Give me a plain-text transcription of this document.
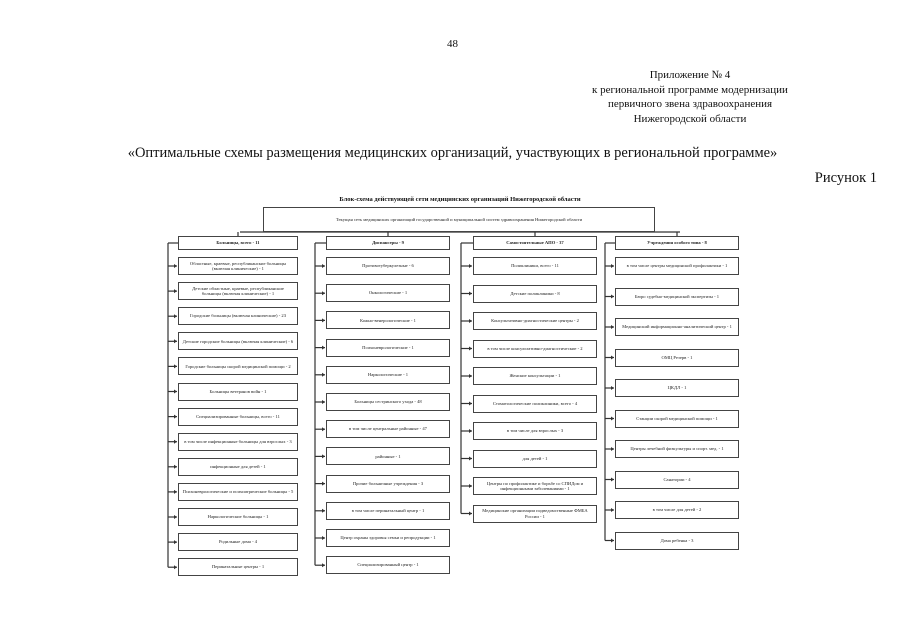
48
Приложение № 4
к региональной программе модернизации
первичного звена здравоохранения
Нижегородской области
«Оптимальные схемы размещения медицинских организаций, участвующих в региональной программе»
Рисунок 1
Блок-схема действующей сети медицинских организаций Нижегородской области
Текущая сеть медицинских организаций государственной и муниципальной систем здравоохранения Нижегородской области
Больницы, всего - 11
Областные, краевые, республиканские больницы (включая клинические) - 1
Детские областные, краевые, республиканские больницы (включая клинические) - 1
Городские больницы (включая клинические) - 23
Детские городские больницы (включая клинические) - 6
Городские больницы скорой медицинской помощи - 2
Больницы ветеранов войн - 1
Специализированные больницы, всего - 11
в том числе инфекционные больницы для взрослых - 3
инфекционные для детей - 1
Психоневрологические и психиатрические больницы - 5
Наркологические больницы - 1
Родильные дома - 4
Перинатальные центры - 1
Диспансеры - 9
Противотуберкулезные - 6
Онкологические - 1
Кожно-венерологические - 1
Психоневрологические - 1
Наркологические - 1
Больницы сестринского ухода - 48
в том числе центральные районные - 47
районные - 1
Прочие больничные учреждения - 3
в том числе перинатальный центр - 1
Центр охраны здоровья семьи и репродукции - 1
Специализированный центр - 1
Самостоятельные АПО - 37
Поликлиники, всего - 11
Детские поликлиники - 8
Консультативно-диагностические центры - 2
в том числе консультативно-диагностические - 2
Женские консультации - 1
Стоматологические поликлиники, всего - 4
в том числе для взрослых - 3
для детей - 1
Центры по профилактике и борьбе со СПИДом и инфекционными заболеваниями - 1
Медицинские организации подведомственные ФМБА России - 1
Учреждения особого типа - 8
в том числе центры медицинской профилактики - 1
Бюро судебно-медицинской экспертизы - 1
Медицинский информационно-аналитический центр - 1
ОМЦ Резерв - 1
ЦКДЛ - 1
Станции скорой медицинской помощи - 1
Центры лечебной физкультуры и спорт. мед. - 1
Санатории - 4
в том числе для детей - 2
Дома ребенка - 3
